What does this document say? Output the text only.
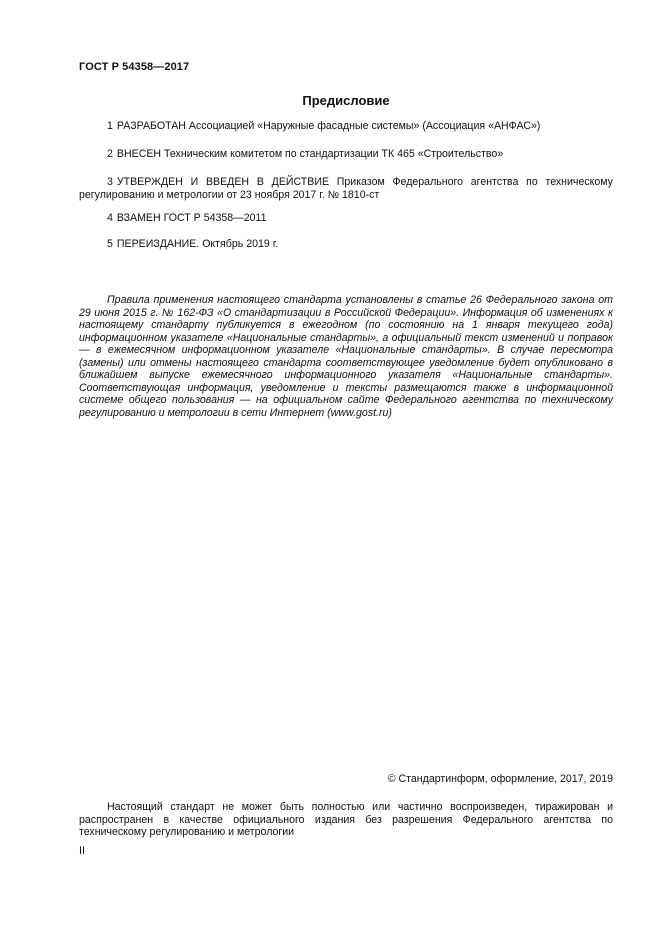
ГОСТ Р 54358—2017
Предисловие
1 РАЗРАБОТАН Ассоциацией «Наружные фасадные системы» (Ассоциация «АНФАС»)
2 ВНЕСЕН Техническим комитетом по стандартизации ТК 465 «Строительство»
3 УТВЕРЖДЕН И ВВЕДЕН В ДЕЙСТВИЕ Приказом Федерального агентства по техническому регулированию и метрологии от 23 ноября 2017 г. № 1810-ст
4 ВЗАМЕН ГОСТ Р 54358—2011
5 ПЕРЕИЗДАНИЕ. Октябрь 2019 г.
Правила применения настоящего стандарта установлены в статье 26 Федерального закона от 29 июня 2015 г. № 162-ФЗ «О стандартизации в Российской Федерации». Информация об изменениях к настоящему стандарту публикуется в ежегодном (по состоянию на 1 января текущего года) информационном указателе «Национальные стандарты», а официальный текст изменений и поправок — в ежемесячном информационном указателе «Национальные стандарты». В случае пересмотра (замены) или отмены настоящего стандарта соответствующее уведомление будет опубликовано в ближайшем выпуске ежемесячного информационного указателя «Национальные стандарты». Соответствующая информация, уведомление и тексты размещаются также в информационной системе общего пользования — на официальном сайте Федерального агентства по техническому регулированию и метрологии в сети Интернет (www.gost.ru)
© Стандартинформ, оформление, 2017, 2019
Настоящий стандарт не может быть полностью или частично воспроизведен, тиражирован и распространен в качестве официального издания без разрешения Федерального агентства по техническому регулированию и метрологии
II
